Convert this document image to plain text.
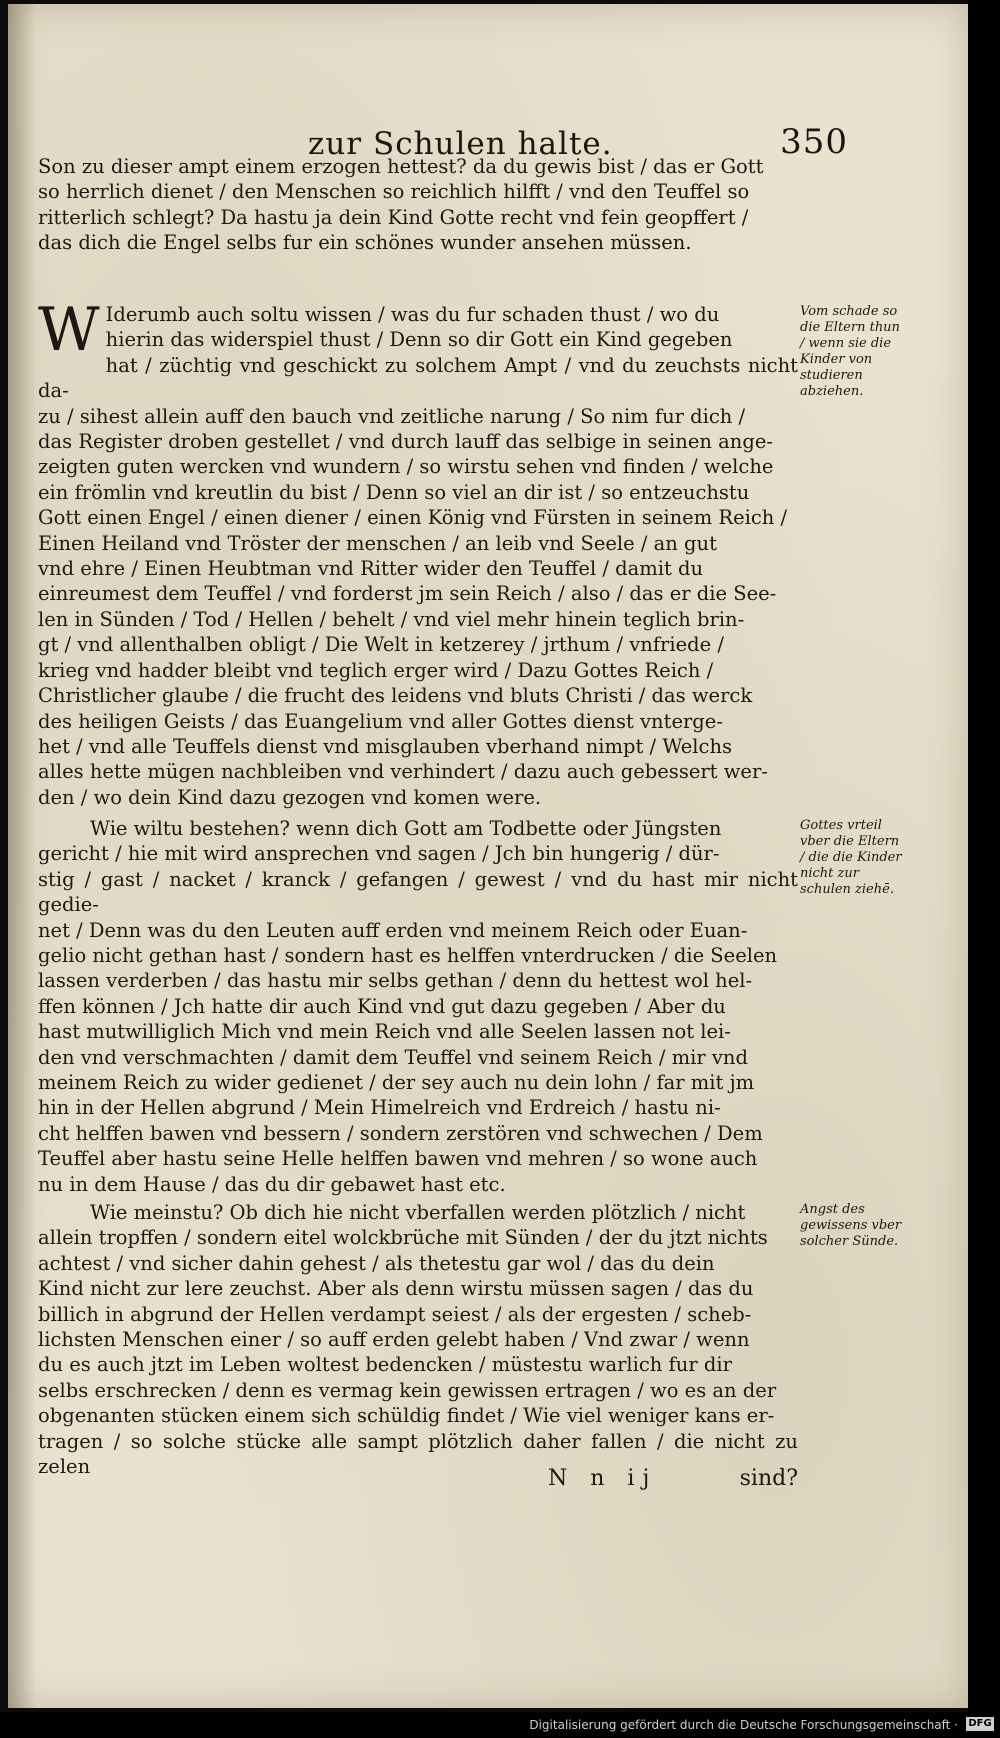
zur Schulen halte.	350

Son zu dieser ampt einem erzogen hettest? da du gewis bist / das er Gott

so herrlich dienet / den Menschen so reichlich hilfft / vnd den Teuffel so

ritterlich schlegt? Da hastu ja dein Kind Gotte recht vnd fein geopffert /

das dich die Engel selbs fur ein schönes wunder ansehen müssen.

W Iderumb auch soltu wissen / was du fur schaden thust / wo du

hierin das widerspiel thust / Denn so dir Gott ein Kind gegeben

hat / züchtig vnd geschickt zu solchem Ampt / vnd du zeuchsts nicht da-

zu / sihest allein auff den bauch vnd zeitliche narung / So nim fur dich /

das Register droben gestellet / vnd durch lauff das selbige in seinen ange-

zeigten guten wercken vnd wundern / so wirstu sehen vnd finden / welche

ein frömlin vnd kreutlin du bist / Denn so viel an dir ist / so entzeuchstu

Gott einen Engel / einen diener / einen König vnd Fürsten in seinem Reich /

Einen Heiland vnd Tröster der menschen / an leib vnd Seele / an gut

vnd ehre / Einen Heubtman vnd Ritter wider den Teuffel / damit du

einreumest dem Teuffel / vnd forderst jm sein Reich / also / das er die See-

len in Sünden / Tod / Hellen / behelt / vnd viel mehr hinein teglich brin-

gt / vnd allenthalben obligt / Die Welt in ketzerey / jrthum / vnfriede /

krieg vnd hadder bleibt vnd teglich erger wird / Dazu Gottes Reich /

Christlicher glaube / die frucht des leidens vnd bluts Christi / das werck

des heiligen Geists / das Euangelium vnd aller Gottes dienst vnterge-

het / vnd alle Teuffels dienst vnd misglauben vberhand nimpt / Welchs

alles hette mügen nachbleiben vnd verhindert / dazu auch gebessert wer-

den / wo dein Kind dazu gezogen vnd komen were.

Wie wiltu bestehen? wenn dich Gott am Todbette oder Jüngsten

gericht / hie mit wird ansprechen vnd sagen / Jch bin hungerig / dür-

stig / gast / nacket / kranck / gefangen / gewest / vnd du hast mir nicht gedie-

net / Denn was du den Leuten auff erden vnd meinem Reich oder Euan-

gelio nicht gethan hast / sondern hast es helffen vnterdrucken / die Seelen

lassen verderben / das hastu mir selbs gethan / denn du hettest wol hel-

ffen können / Jch hatte dir auch Kind vnd gut dazu gegeben / Aber du

hast mutwilliglich Mich vnd mein Reich vnd alle Seelen lassen not lei-

den vnd verschmachten / damit dem Teuffel vnd seinem Reich / mir vnd

meinem Reich zu wider gedienet / der sey auch nu dein lohn / far mit jm

hin in der Hellen abgrund / Mein Himelreich vnd Erdreich / hastu ni-

cht helffen bawen vnd bessern / sondern zerstören vnd schwechen / Dem

Teuffel aber hastu seine Helle helffen bawen vnd mehren / so wone auch

nu in dem Hause / das du dir gebawet hast etc.

Wie meinstu? Ob dich hie nicht vberfallen werden plötzlich / nicht

allein tropffen / sondern eitel wolckbrüche mit Sünden / der du jtzt nichts

achtest / vnd sicher dahin gehest / als thetestu gar wol / das du dein

Kind nicht zur lere zeuchst. Aber als denn wirstu müssen sagen / das du

billich in abgrund der Hellen verdampt seiest / als der ergesten / scheb-

lichsten Menschen einer / so auff erden gelebt haben / Vnd zwar / wenn

du es auch jtzt im Leben woltest bedencken / müstestu warlich fur dir

selbs erschrecken / denn es vermag kein gewissen ertragen / wo es an der

obgenanten stücken einem sich schüldig findet / Wie viel weniger kans er-

tragen / so solche stücke alle sampt plötzlich daher fallen / die nicht zu zelen

Vom schade so die Eltern thun / wenn sie die Kinder von studieren abziehen.
Gottes vrteil vber die Eltern / die die Kinder nicht zur schulen ziehē.
Angst des gewissens vber solcher Sünde.
N n ij	sind?
Digitalisierung gefördert durch die Deutsche Forschungsgemeinschaft · DFG
